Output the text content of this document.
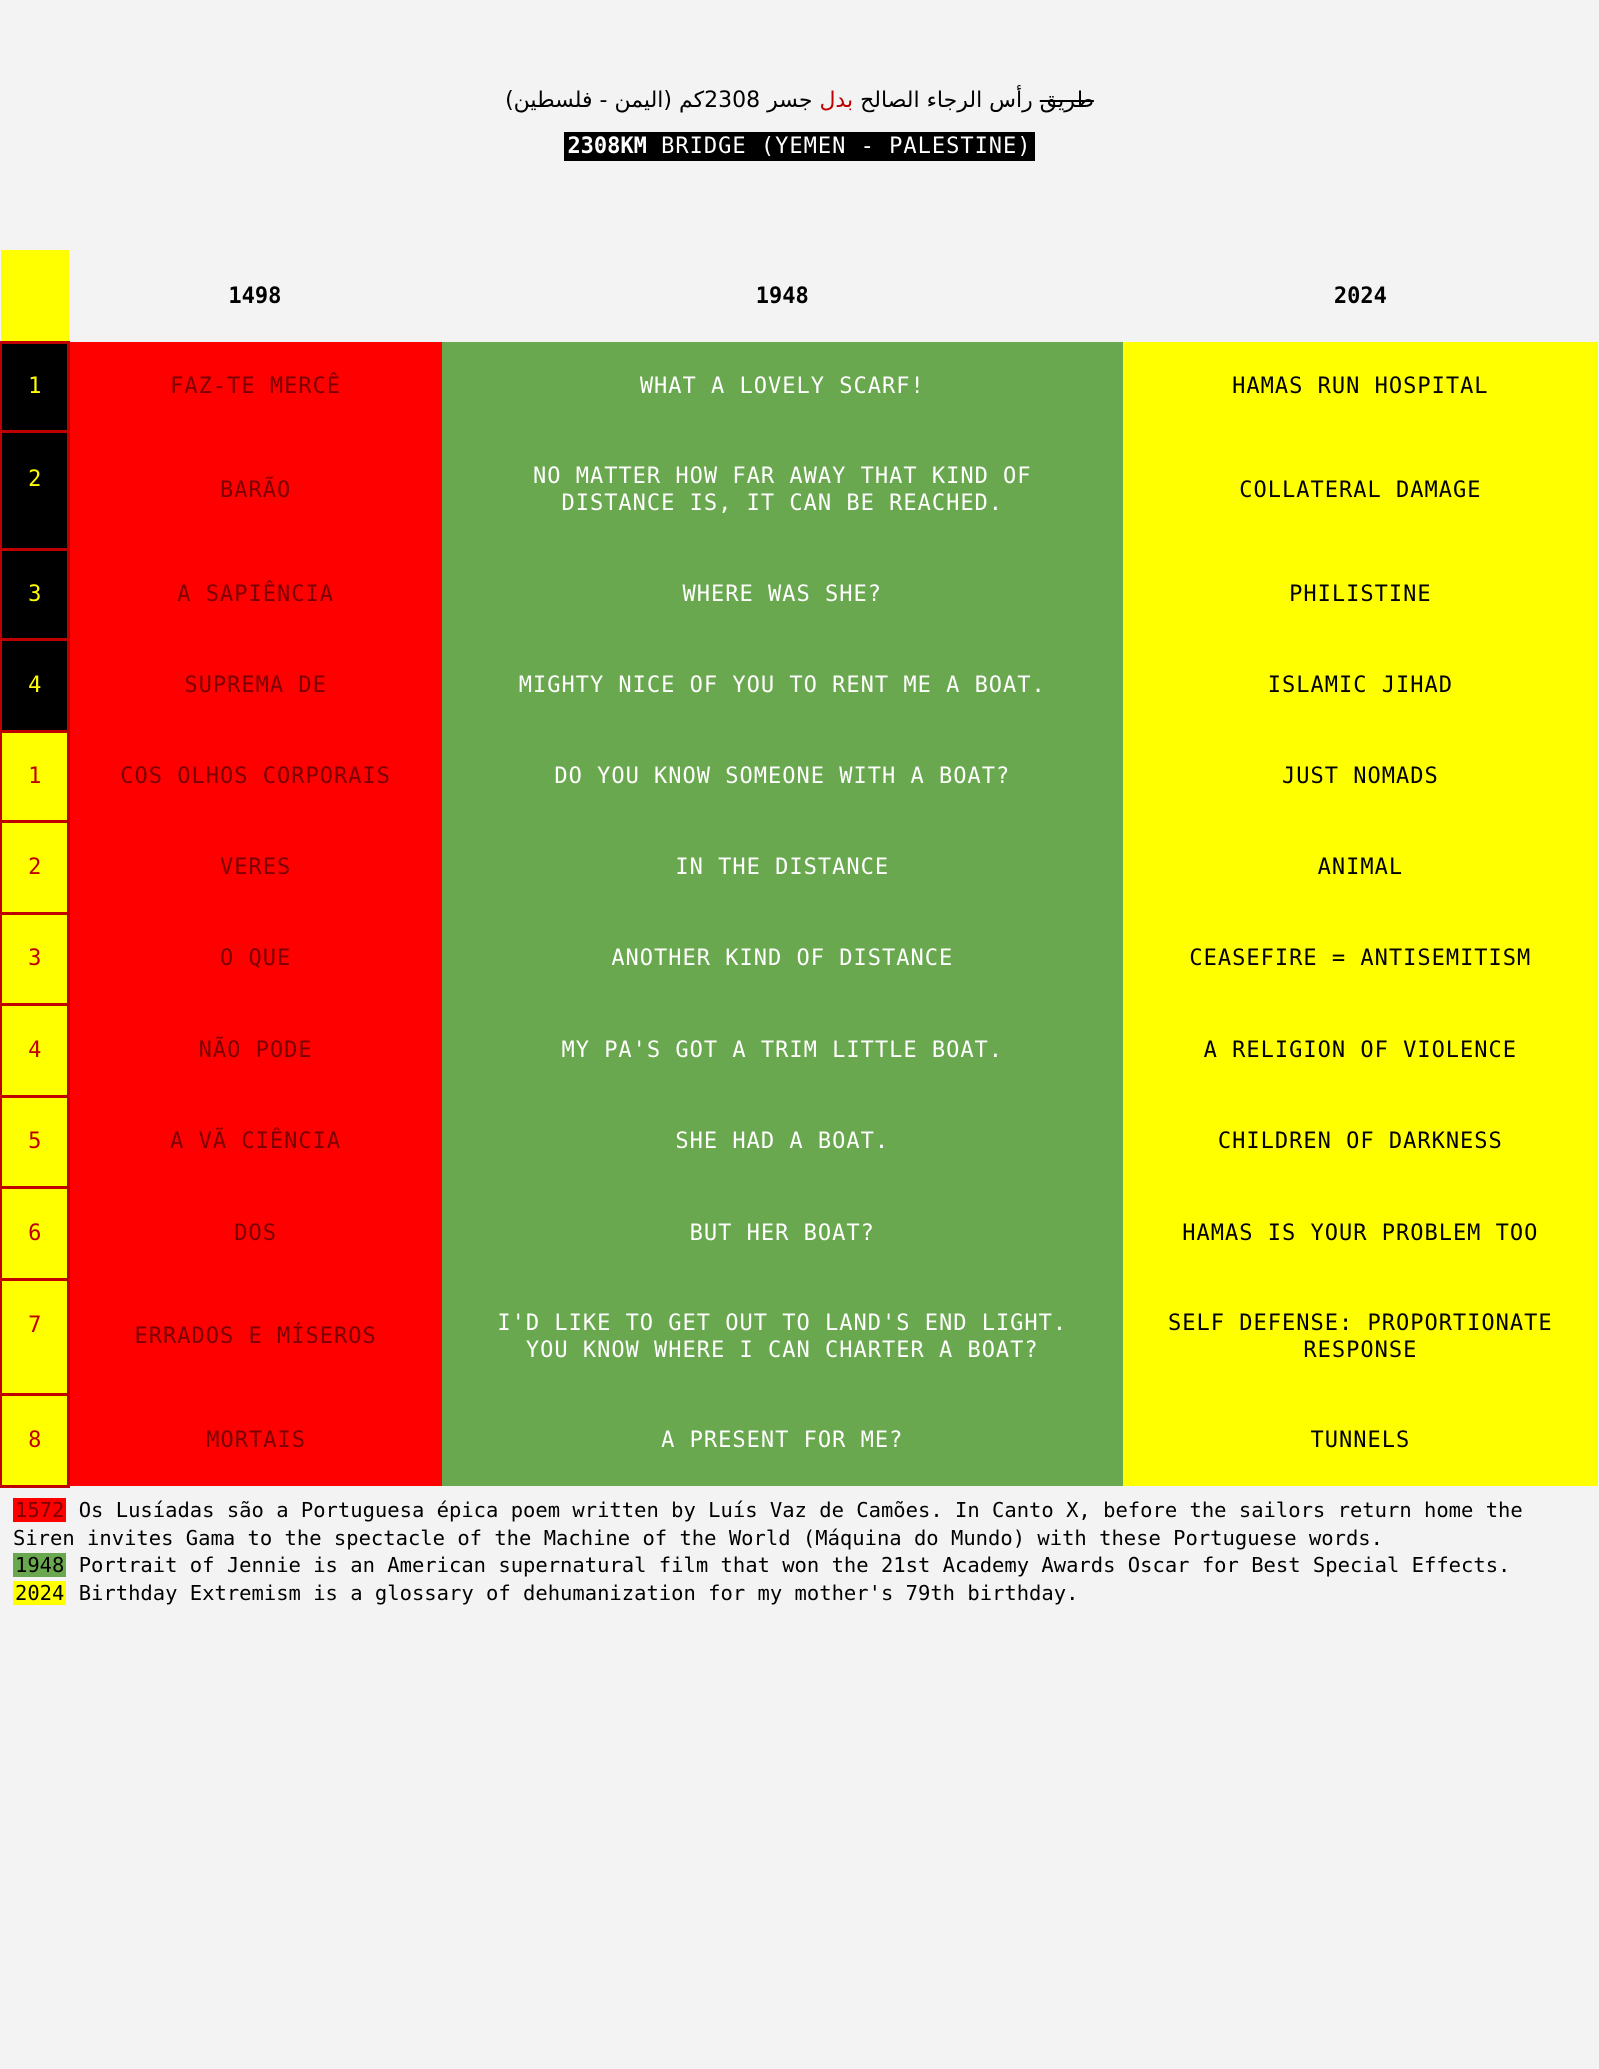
طريق رأس الرجاء الصالح بدل جسر 2308كم (اليمن - فلسطين)
2308KM BRIDGE (YEMEN - PALESTINE)
	1498	1948	2024
1	FAZ-TE MERCÊ	WHAT A LOVELY SCARF!	HAMAS RUN HOSPITAL
2	BARÃO	NO MATTER HOW FAR AWAY THAT KIND OF DISTANCE IS, IT CAN BE REACHED.	COLLATERAL DAMAGE
3	A SAPIÊNCIA	WHERE WAS SHE?	PHILISTINE
4	SUPREMA DE	MIGHTY NICE OF YOU TO RENT ME A BOAT.	ISLAMIC JIHAD
1	COS OLHOS CORPORAIS	DO YOU KNOW SOMEONE WITH A BOAT?	JUST NOMADS
2	VERES	IN THE DISTANCE	ANIMAL
3	O QUE	ANOTHER KIND OF DISTANCE	CEASEFIRE = ANTISEMITISM
4	NÃO PODE	MY PA'S GOT A TRIM LITTLE BOAT.	A RELIGION OF VIOLENCE
5	A VÃ CIÊNCIA	SHE HAD A BOAT.	CHILDREN OF DARKNESS
6	DOS	BUT HER BOAT?	HAMAS IS YOUR PROBLEM TOO
7	ERRADOS E MÍSEROS	I'D LIKE TO GET OUT TO LAND'S END LIGHT. YOU KNOW WHERE I CAN CHARTER A BOAT?	SELF DEFENSE: PROPORTIONATE RESPONSE
8	MORTAIS	A PRESENT FOR ME?	TUNNELS

1572 Os Lusíadas são a Portuguesa épica poem written by Luís Vaz de Camões. In Canto X, before the sailors return home the Siren invites Gama to the spectacle of the Machine of the World (Máquina do Mundo) with these Portuguese words.

1948 Portrait of Jennie is an American supernatural film that won the 21st Academy Awards Oscar for Best Special Effects.

2024 Birthday Extremism is a glossary of dehumanization for my mother's 79th birthday.
